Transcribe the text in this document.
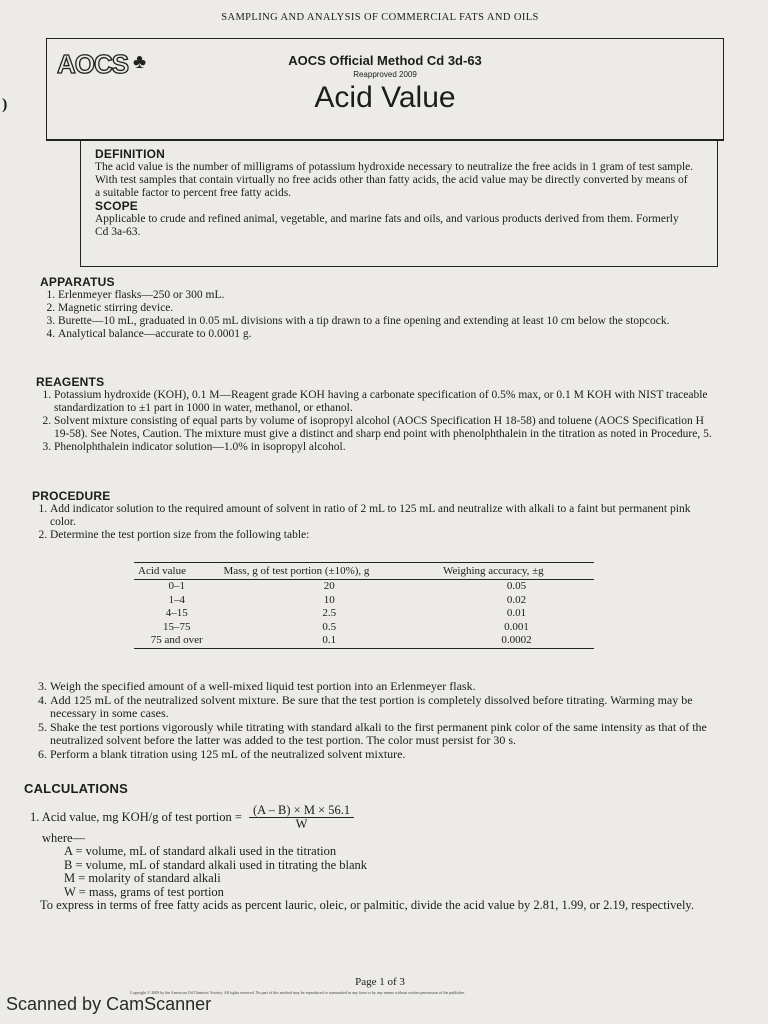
)
SAMPLING AND ANALYSIS OF COMMERCIAL FATS AND OILS
AOCS ♣	AOCS Official Method Cd 3d-63
Reapproved 2009
Acid Value

DEFINITION

The acid value is the number of milligrams of potassium hydroxide necessary to neutralize the free acids in 1 gram of test sample. With test samples that contain virtually no free acids other than fatty acids, the acid value may be directly converted by means of a suitable factor to percent free fatty acids.

SCOPE

Applicable to crude and refined animal, vegetable, and marine fats and oils, and various products derived from them. Formerly Cd 3a-63.

APPARATUS

1. Erlenmeyer flasks—250 or 300 mL.
2. Magnetic stirring device.
3. Burette—10 mL, graduated in 0.05 mL divisions with a tip drawn to a fine opening and extending at least 10 cm below the stopcock.
4. Analytical balance—accurate to 0.0001 g.

REAGENTS

1. Potassium hydroxide (KOH), 0.1 M—Reagent grade KOH having a carbonate specification of 0.5% max, or 0.1 M KOH with NIST traceable standardization to ±1 part in 1000 in water, methanol, or ethanol.
2. Solvent mixture consisting of equal parts by volume of isopropyl alcohol (AOCS Specification H 18-58) and toluene (AOCS Specification H 19-58). See Notes, Caution. The mixture must give a distinct and sharp end point with phenolphthalein in the titration as noted in Procedure, 5.
3. Phenolphthalein indicator solution—1.0% in isopropyl alcohol.

PROCEDURE

1. Add indicator solution to the required amount of solvent in ratio of 2 mL to 125 mL and neutralize with alkali to a faint but permanent pink color.
2. Determine the test portion size from the following table:
Acid value	Mass, g of test portion (±10%), g	Weighing accuracy, ±g
0–1	20	0.05
1–4	10	0.02
4–15	2.5	0.01
15–75	0.5	0.001
75 and over	0.1	0.0002
3. Weigh the specified amount of a well-mixed liquid test portion into an Erlenmeyer flask.
4. Add 125 mL of the neutralized solvent mixture. Be sure that the test portion is completely dissolved before titrating. Warming may be necessary in some cases.
5. Shake the test portions vigorously while titrating with standard alkali to the first permanent pink color of the same intensity as that of the neutralized solvent before the latter was added to the test portion. The color must persist for 30 s.
6. Perform a blank titration using 125 mL of the neutralized solvent mixture.

CALCULATIONS

1. Acid value, mg KOH/g of test portion = $\frac{(A - B) \times M \times 56.1}{W}$
where—
A = volume, mL of standard alkali used in the titration
B = volume, mL of standard alkali used in titrating the blank
M = molarity of standard alkali
W = mass, grams of test portion

To express in terms of free fatty acids as percent lauric, oleic, or palmitic, divide the acid value by 2.81, 1.99, or 2.19, respectively.

Page 1 of 3
Copyright © 2009 by the American Oil Chemists' Society. All rights reserved. No part of this method may be reproduced or transmitted in any form or by any means without written permission of the publisher.
Scanned by CamScanner
